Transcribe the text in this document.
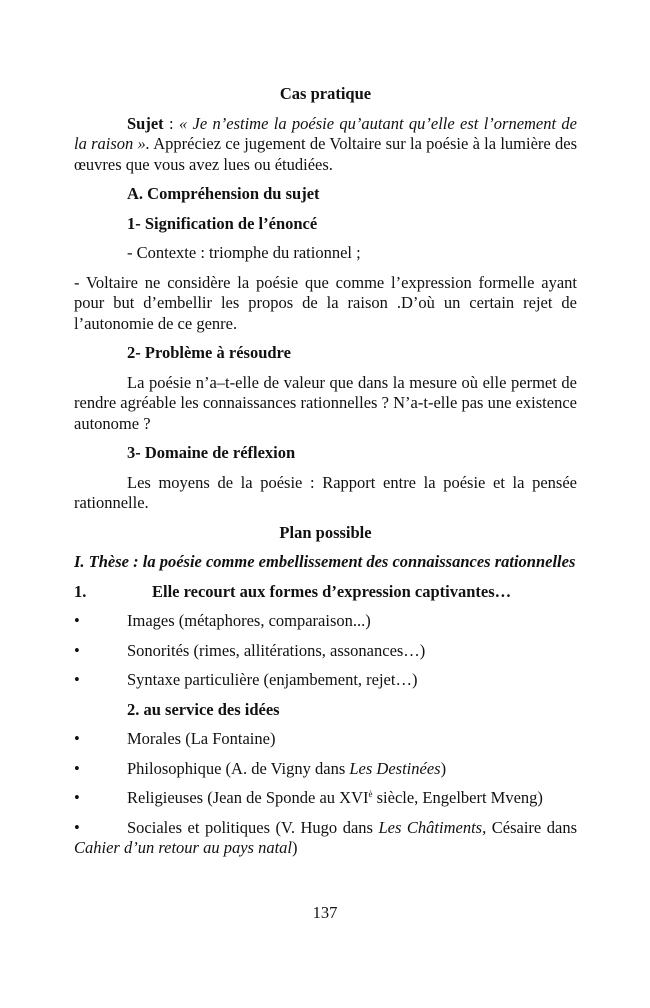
Cas pratique

Sujet : « Je n’estime la poésie qu’autant qu’elle est l’ornement de la raison ». Appréciez ce jugement de Voltaire sur la poésie à la lumière des œuvres que vous avez lues ou étudiées.

A. Compréhension du sujet

1- Signification de l’énoncé

- Contexte : triomphe du rationnel ;

- Voltaire ne considère la poésie que comme l’expression formelle ayant pour but d’embellir les propos de la raison .D’où un certain rejet de l’autonomie de ce genre.

2- Problème à résoudre

La poésie n’a–t-elle de valeur que dans la mesure où elle permet de rendre agréable les connaissances rationnelles ? N’a-t-elle pas une existence autonome ?

3- Domaine de réflexion

Les moyens de la poésie : Rapport entre la poésie et la pensée rationnelle.

Plan possible

I. Thèse : la poésie comme embellissement des connaissances rationnelles

1.	Elle recourt aux formes d’expression captivantes…
•	Images (métaphores, comparaison...)
•	Sonorités (rimes, allitérations, assonances…)
•	Syntaxe particulière (enjambement, rejet…)

2. au service des idées

•	Morales (La Fontaine)
•	Philosophique (A. de Vigny dans Les Destinées)
•	Religieuses (Jean de Sponde au $XVI^è$ siècle, Engelbert Mveng)

•	Sociales et politiques (V. Hugo dans Les Châtiments, Césaire dans Cahier d’un retour au pays natal)

137
